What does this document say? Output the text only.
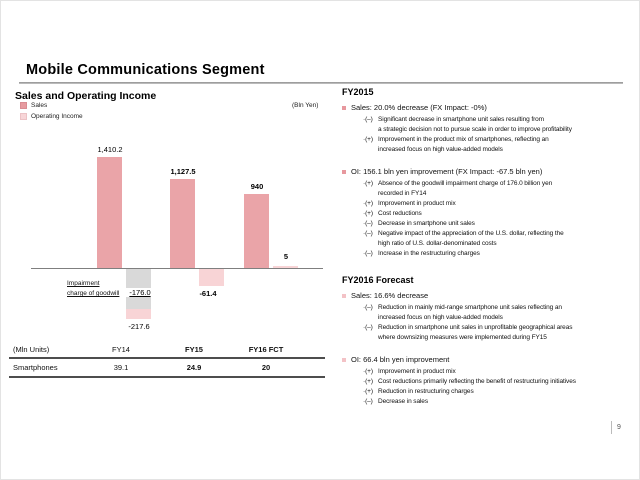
Mobile Communications Segment
Sales and Operating Income
Sales
Operating Income
(Bln Yen)
1,410.2
1,127.5
940
-176.0
-217.6
-61.4
5
Impairment
charge of goodwill
(Mln Units)	FY14	FY15	FY16 FCT
Smartphones	39.1	24.9	20
FY2015
Sales: 20.0% decrease (FX Impact: -0%)
·(–) Significant decrease in smartphone unit sales resulting from
a strategic decision not to pursue scale in order to improve profitability
·(+) Improvement in the product mix of smartphones, reflecting an
increased focus on high value-added models
OI: 156.1 bln yen improvement (FX Impact: -67.5 bln yen)
·(+) Absence of the goodwill impairment charge of 176.0 billion yen
recorded in FY14
·(+) Improvement in product mix
·(+) Cost reductions
·(–) Decrease in smartphone unit sales
·(–) Negative impact of the appreciation of the U.S. dollar, reflecting the
high ratio of U.S. dollar-denominated costs
·(–) Increase in the restructuring charges
FY2016 Forecast
Sales: 16.6% decrease
·(–) Reduction in mainly mid-range smartphone unit sales reflecting an
increased focus on high value-added models
·(–) Reduction in smartphone unit sales in unprofitable geographical areas
where downsizing measures were implemented during FY15
OI: 66.4 bln yen improvement
·(+) Improvement in product mix
·(+) Cost reductions primarily reflecting the benefit of restructuring initiatives
·(+) Reduction in restructuring charges
·(–) Decrease in sales
9
